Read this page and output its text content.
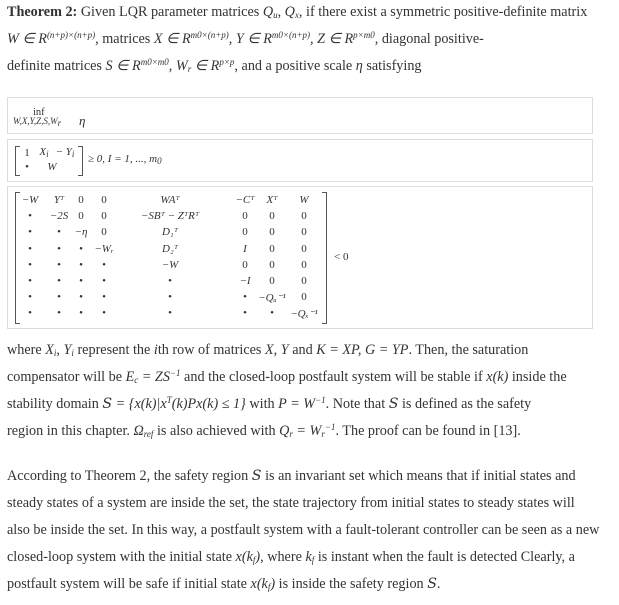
Theorem 2: Given LQR parameter matrices $Q_u$, $Q_x$, if there exist a symmetric positive-definite matrix
W ∈ $R^{(n+p)\times(n+p)}$, matrices X ∈ $R^{m0\times(n+p)}$, Y ∈ $R^{m0\times(n+p)}$, Z ∈ $R^{p\times m0}$, diagonal positive-
definite matrices S ∈ $R^{m0\times m0}$, $W_r$ ∈ $R^{p\times p}$, and a positive scale η satisfying
inf
$W,X,Y,Z,S,W_r$ η
1 $X_i - Y_i$
• W
≥ 0, I = 1, ..., $m_0$
−W Yᵀ 0 0	WAᵀ	−Cᵀ Xᵀ W
• −2S 0 0	−SBᵀ − ZᵀRᵀ	0 0 0
• • −η 0	D₁ᵀ	0 0 0
• • • −Wᵣ	D₂ᵀ	I 0 0
• • • •	−W	0 0 0
• • • •	•	−I 0 0
• • • •	•	• −Qᵤ⁻¹ 0
• • • •	•	• • −Qₓ⁻¹
< 0
where $X_i$, $Y_i$ represent the ith row of matrices X, Y and K = XP, G = YP. Then, the saturation
compensator will be $E_c = ZS^{-1}$ and the closed-loop postfault system will be stable if x(k) inside the
stability domain $S = \{x(k)|x^T(k)Px(k) \le 1\}$ with $P = W^{-1}$. Note that S is defined as the safety
region in this chapter. $\Omega_{ref}$ is also achieved with $Q_r = W_r^{-1}$. The proof can be found in [13].
According to Theorem 2, the safety region S is an invariant set which means that if initial states and
steady states of a system are inside the set, the state trajectory from initial states to steady states will
also be inside the set. In this way, a postfault system with a fault-tolerant controller can be seen as a new
closed-loop system with the initial state $x(k_f)$, where $k_f$ is instant when the fault is detected Clearly, a
postfault system will be safe if initial state $x(k_f)$ is inside the safety region S.
